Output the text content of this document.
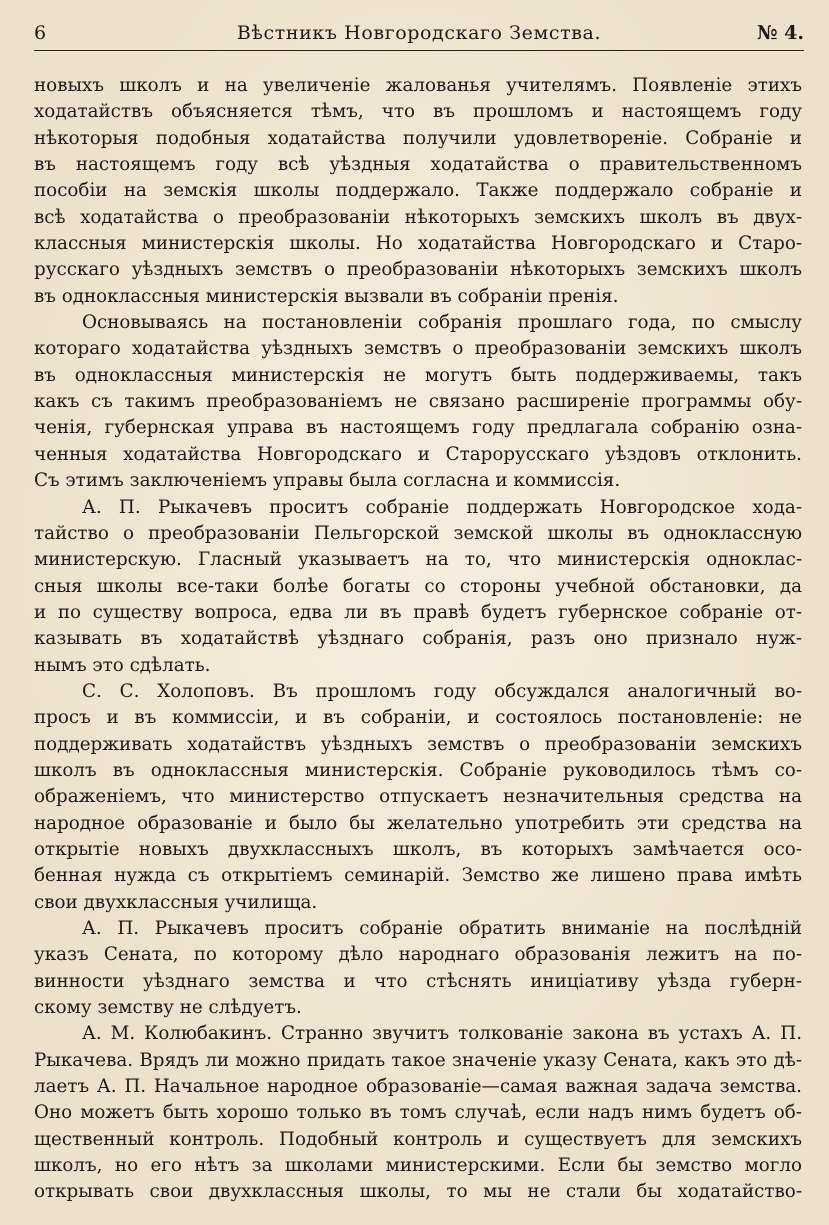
6	Вѣстникъ Новгородскаго Земства.	№ 4.
новыхъ школъ и на увеличеніе жалованья учителямъ. Появленіе этихъ
ходатайствъ объясняется тѣмъ, что въ прошломъ и настоящемъ году
нѣкоторыя подобныя ходатайства получили удовлетвореніе. Собраніе и
въ настоящемъ году всѣ уѣздныя ходатайства о правительственномъ
пособіи на земскія школы поддержало. Также поддержало собраніе и
всѣ ходатайства о преобразованіи нѣкоторыхъ земскихъ школъ въ двух-
классныя министерскія школы. Но ходатайства Новгородскаго и Старо-
русскаго уѣздныхъ земствъ о преобразованіи нѣкоторыхъ земскихъ школъ
въ одноклассныя министерскія вызвали въ собраніи пренія.
Основываясь на постановленіи собранія прошлаго года, по смыслу
котораго ходатайства уѣздныхъ земствъ о преобразованіи земскихъ школъ
въ одноклассныя министерскія не могутъ быть поддерживаемы, такъ
какъ съ такимъ преобразованіемъ не связано расширеніе программы обу-
ченія, губернская управа въ настоящемъ году предлагала собранію озна-
ченныя ходатайства Новгородскаго и Старорусскаго уѣздовъ отклонить.
Съ этимъ заключеніемъ управы была согласна и коммиссія.
А. П. Рыкачевъ проситъ собраніе поддержать Новгородское хода-
тайство о преобразованіи Пельгорской земской школы въ одноклассную
министерскую. Гласный указываетъ на то, что министерскія одноклас-
сныя школы все-таки болѣе богаты со стороны учебной обстановки, да
и по существу вопроса, едва ли въ правѣ будетъ губернское собраніе от-
казывать въ ходатайствѣ уѣзднаго собранія, разъ оно признало нуж-
нымъ это сдѣлать.
С. С. Холоповъ. Въ прошломъ году обсуждался аналогичный во-
просъ и въ коммиссіи, и въ собраніи, и состоялось постановленіе: не
поддерживать ходатайствъ уѣздныхъ земствъ о преобразованіи земскихъ
школъ въ одноклассныя министерскія. Собраніе руководилось тѣмъ со-
ображеніемъ, что министерство отпускаетъ незначительныя средства на
народное образованіе и было бы желательно употребить эти средства на
открытіе новыхъ двухклассныхъ школъ, въ которыхъ замѣчается осо-
бенная нужда съ открытіемъ семинарій. Земство же лишено права имѣть
свои двухклассныя училища.
А. П. Рыкачевъ проситъ собраніе обратить вниманіе на послѣдній
указъ Сената, по которому дѣло народнаго образованія лежитъ на по-
винности уѣзднаго земства и что стѣснять иниціативу уѣзда губерн-
скому земству не слѣдуетъ.
А. М. Колюбакинъ. Странно звучитъ толкованіе закона въ устахъ А. П.
Рыкачева. Врядъ ли можно придать такое значеніе указу Сената, какъ это дѣ-
лаетъ А. П. Начальное народное образованіе—самая важная задача земства.
Оно можетъ быть хорошо только въ томъ случаѣ, если надъ нимъ будетъ об-
щественный контроль. Подобный контроль и существуетъ для земскихъ
школъ, но его нѣтъ за школами министерскими. Если бы земство могло
открывать свои двухклассныя школы, то мы не стали бы ходатайство-
